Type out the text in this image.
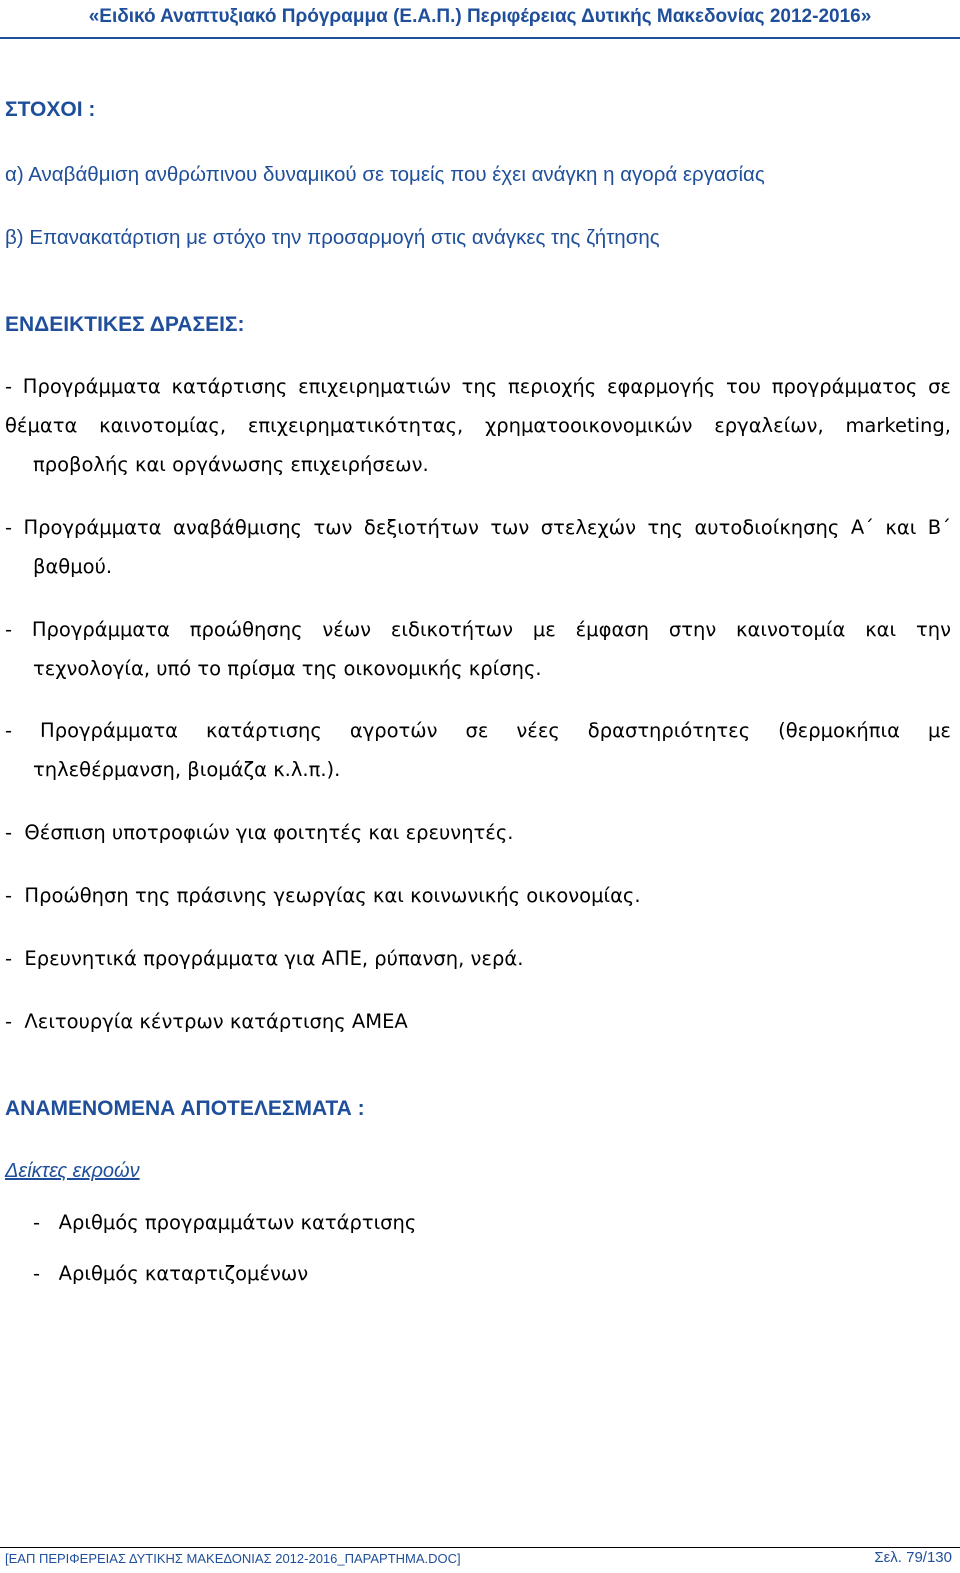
«Ειδικό Αναπτυξιακό Πρόγραμμα (Ε.Α.Π.) Περιφέρειας Δυτικής Μακεδονίας 2012-2016»
ΣΤΟΧΟΙ :
α) Αναβάθμιση ανθρώπινου δυναμικού σε τομείς που έχει ανάγκη η αγορά εργασίας
β) Επανακατάρτιση με στόχο την προσαρμογή στις ανάγκες της ζήτησης
ΕΝΔΕΙΚΤΙΚΕΣ ΔΡΑΣΕΙΣ:
- Προγράμματα κατάρτισης επιχειρηματιών της περιοχής εφαρμογής του προγράμματος σε
θέματα καινοτομίας, επιχειρηματικότητας, χρηματοοικονομικών εργαλείων, marketing,
προβολής και οργάνωσης επιχειρήσεων.
- Προγράμματα αναβάθμισης των δεξιοτήτων των στελεχών της αυτοδιοίκησης Α΄ και Β΄
βαθμού.
- Προγράμματα προώθησης νέων ειδικοτήτων με έμφαση στην καινοτομία και την
τεχνολογία, υπό το πρίσμα της οικονομικής κρίσης.
- Προγράμματα κατάρτισης αγροτών σε νέες δραστηριότητες (θερμοκήπια με
τηλεθέρμανση, βιομάζα κ.λ.π.).
-  Θέσπιση υποτροφιών για φοιτητές και ερευνητές.
-  Προώθηση της πράσινης γεωργίας και κοινωνικής οικονομίας.
-  Ερευνητικά προγράμματα για ΑΠΕ, ρύπανση, νερά.
-  Λειτουργία κέντρων κατάρτισης ΑΜΕΑ
ΑΝΑΜΕΝΟΜΕΝΑ ΑΠΟΤΕΛΕΣΜΑΤΑ :
Δείκτες εκροών
-   Αριθμός προγραμμάτων κατάρτισης
-   Αριθμός καταρτιζομένων
[ΕΑΠ ΠΕΡΙΦΕΡΕΙΑΣ ΔΥΤΙΚΗΣ ΜΑΚΕΔΟΝΙΑΣ 2012-2016_ΠΑΡΑΡΤΗΜΑ.DOC]	Σελ. 79/130
